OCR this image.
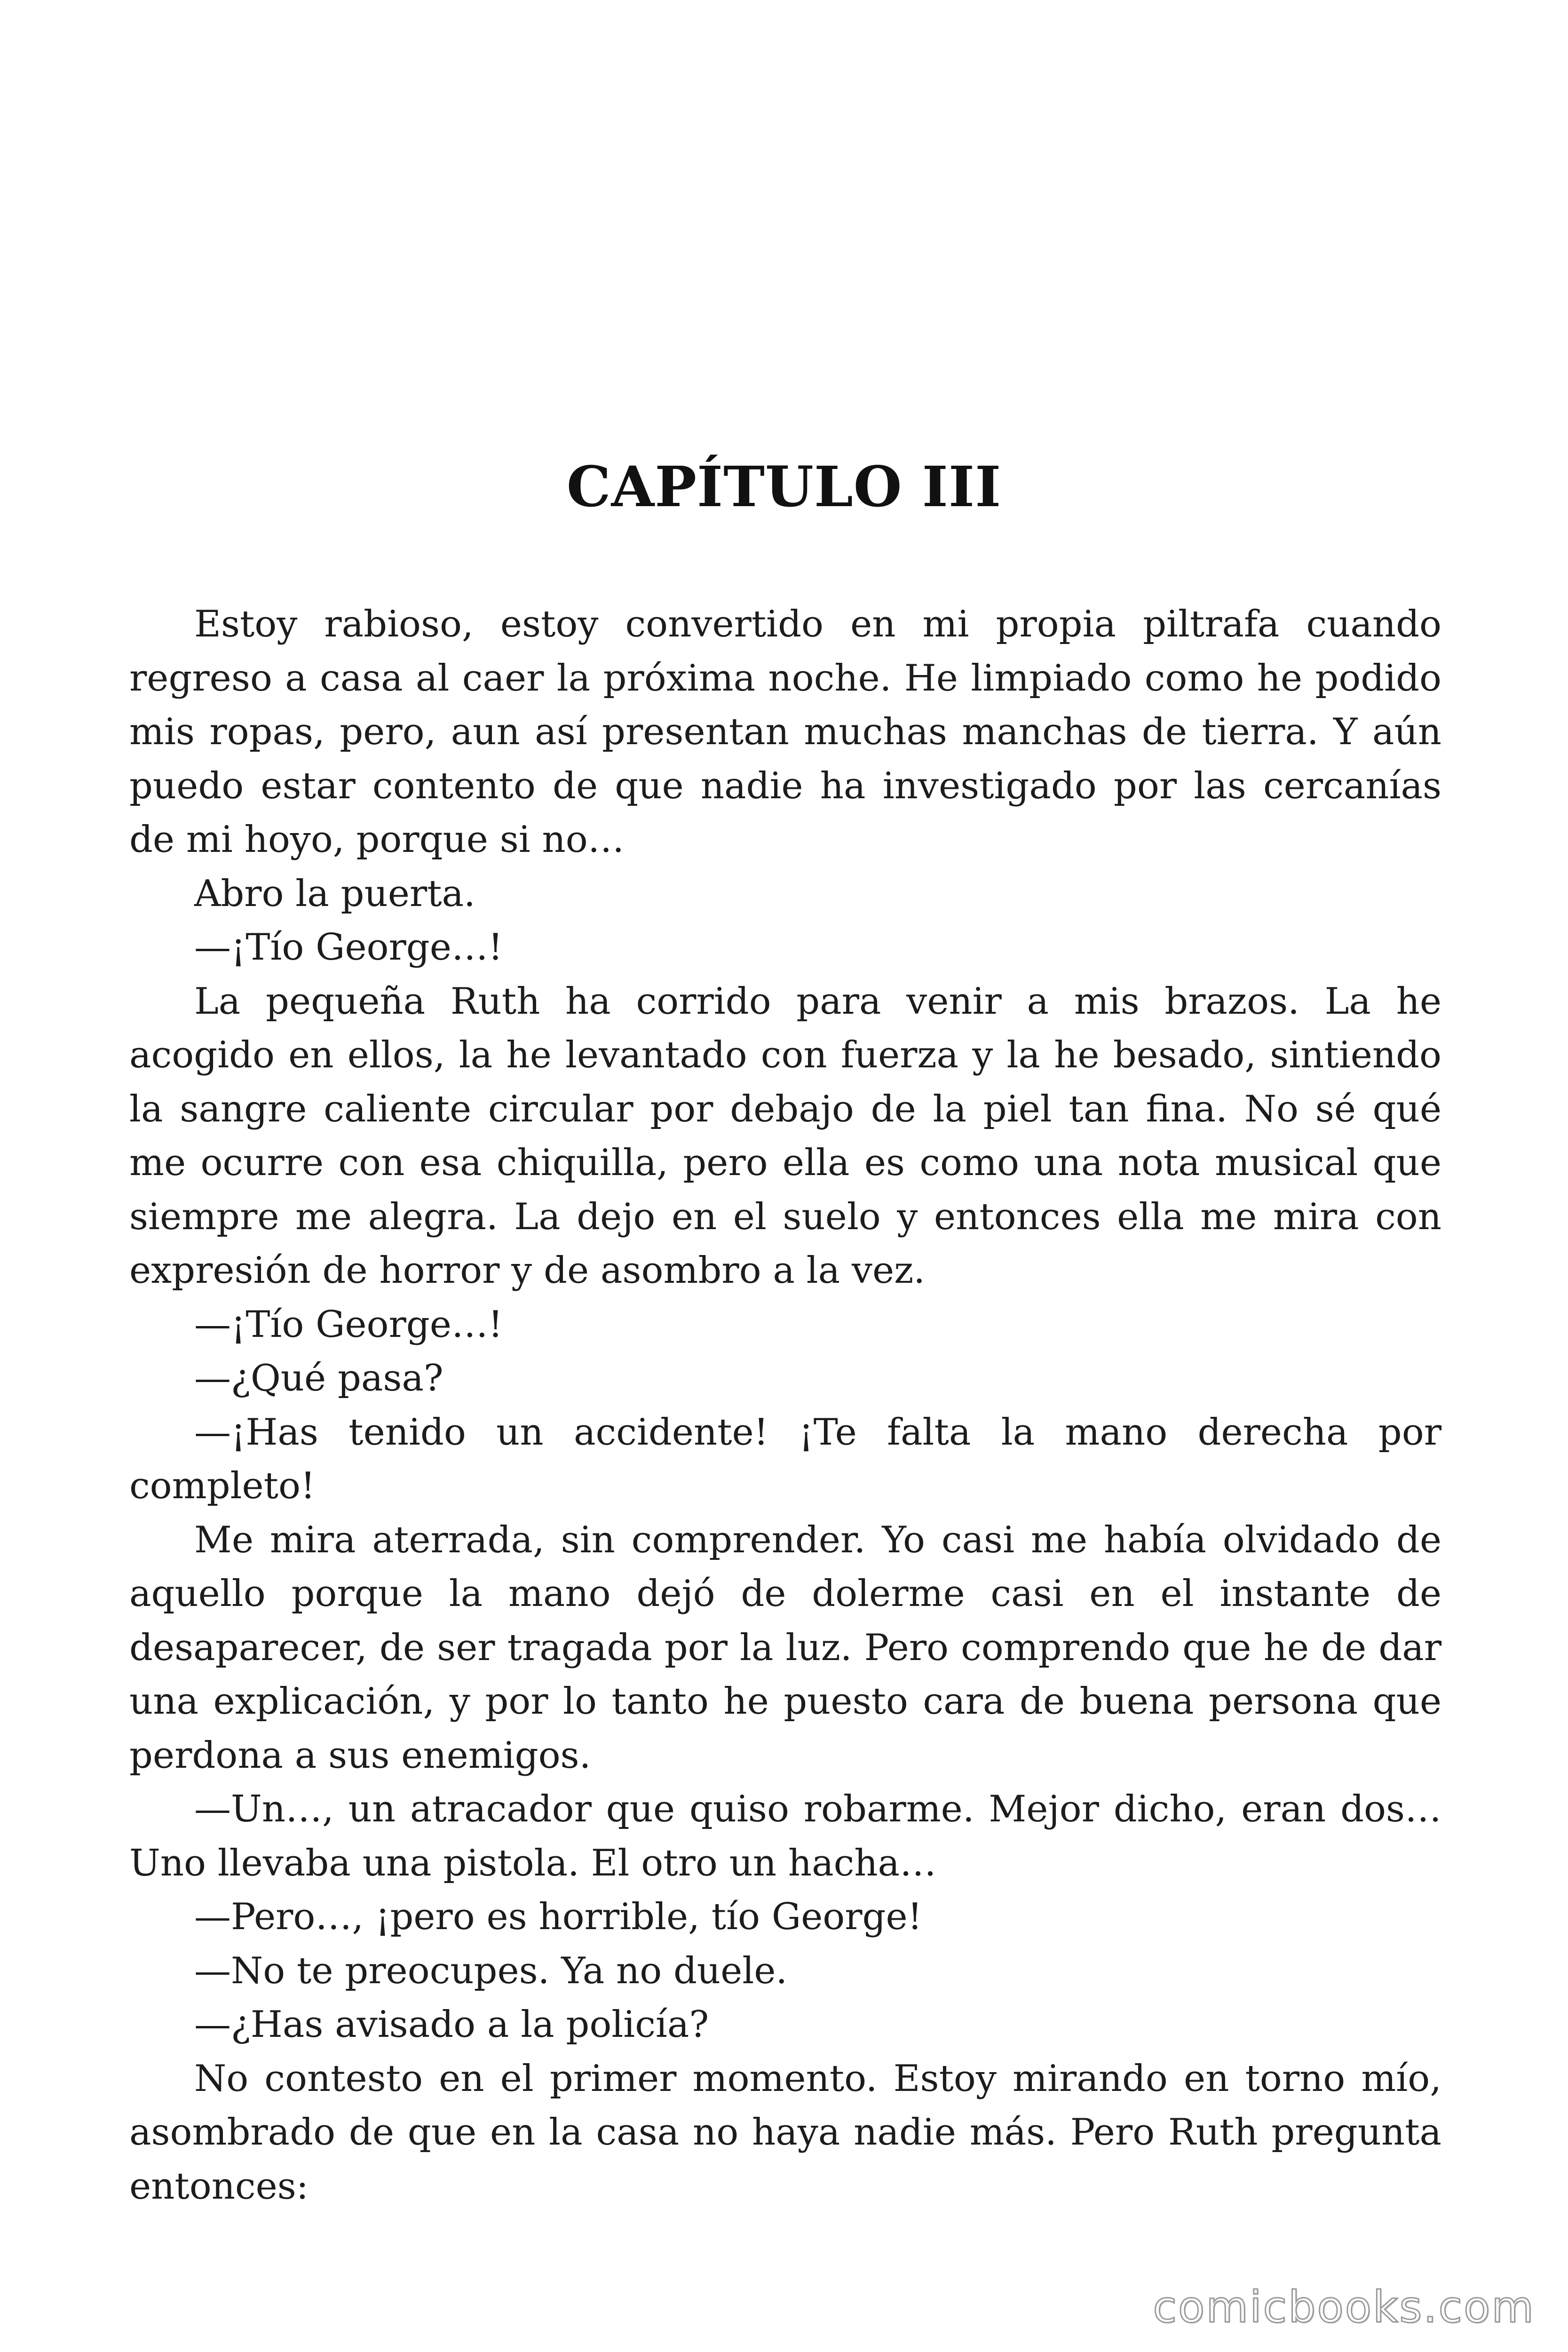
CAPÍTULO III

Estoy rabioso, estoy convertido en mi propia piltrafa cuando regreso a casa al caer la próxima noche. He limpiado como he podido mis ropas, pero, aun así presentan muchas manchas de tierra. Y aún puedo estar contento de que nadie ha investigado por las cercanías de mi hoyo, porque si no…

Abro la puerta.

—¡Tío George…!

La pequeña Ruth ha corrido para venir a mis brazos. La he acogido en ellos, la he levantado con fuerza y la he besado, sintiendo la sangre caliente circular por debajo de la piel tan fina. No sé qué me ocurre con esa chiquilla, pero ella es como una nota musical que siempre me alegra. La dejo en el suelo y entonces ella me mira con expresión de horror y de asombro a la vez.

—¡Tío George…!

—¿Qué pasa?

—¡Has tenido un accidente! ¡Te falta la mano derecha por completo!

Me mira aterrada, sin comprender. Yo casi me había olvidado de aquello porque la mano dejó de dolerme casi en el instante de desaparecer, de ser tragada por la luz. Pero comprendo que he de dar una explicación, y por lo tanto he puesto cara de buena persona que perdona a sus enemigos.

—Un…, un atracador que quiso robarme. Mejor dicho, eran dos… Uno llevaba una pistola. El otro un hacha…

—Pero…, ¡pero es horrible, tío George!

—No te preocupes. Ya no duele.

—¿Has avisado a la policía?

No contesto en el primer momento. Estoy mirando en torno mío, asombrado de que en la casa no haya nadie más. Pero Ruth pregunta entonces:

comicbooks.com
